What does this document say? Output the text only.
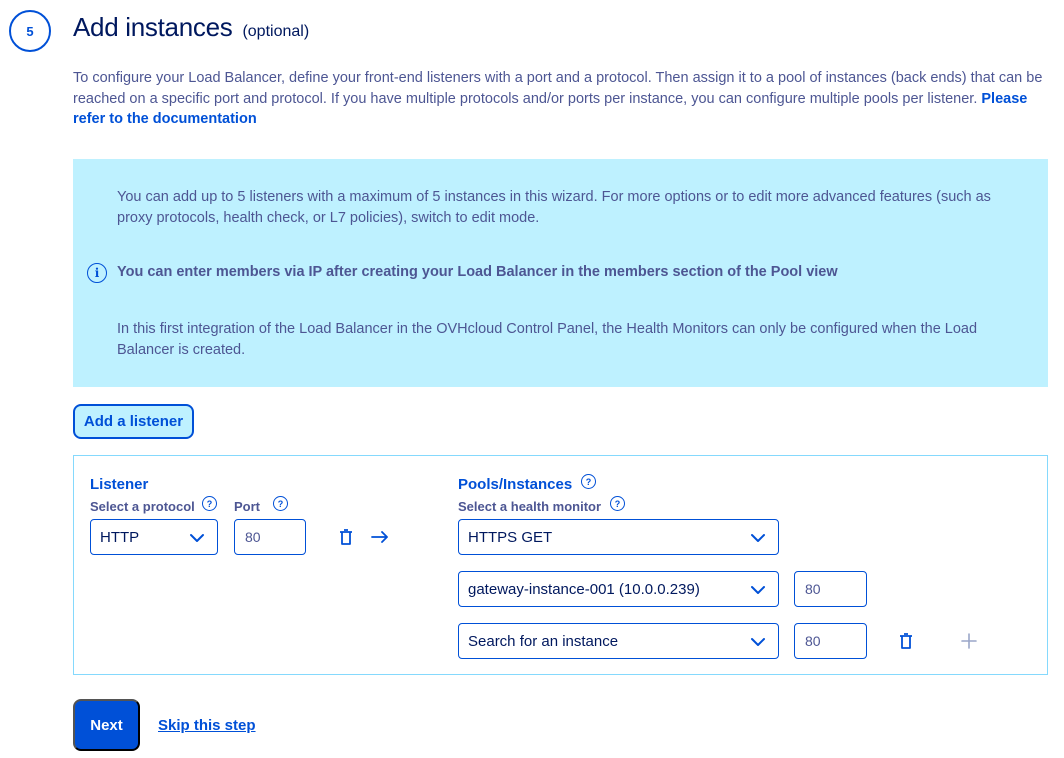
5	Add instances (optional)

To configure your Load Balancer, define your front-end listeners with a port and a protocol. Then assign it to a pool of instances (back ends) that can be reached on a specific port and protocol. If you have multiple protocols and/or ports per instance, you can configure multiple pools per listener. Please refer to the documentation

You can add up to 5 listeners with a maximum of 5 instances in this wizard. For more options or to edit more advanced features (such as proxy protocols, health check, or L7 policies), switch to edit mode.

i	You can enter members via IP after creating your Load Balancer in the members section of the Pool view

In this first integration of the Load Balancer in the OVHcloud Control Panel, the Health Monitors can only be configured when the Load Balancer is created.

Add a listener
Listener
Select a protocol	?	Port	?
HTTP	80
Pools/Instances	?
Select a health monitor	?
HTTPS GET
gateway-instance-001 (10.0.0.239)	80
Search for an instance	80
Next	Skip this step
